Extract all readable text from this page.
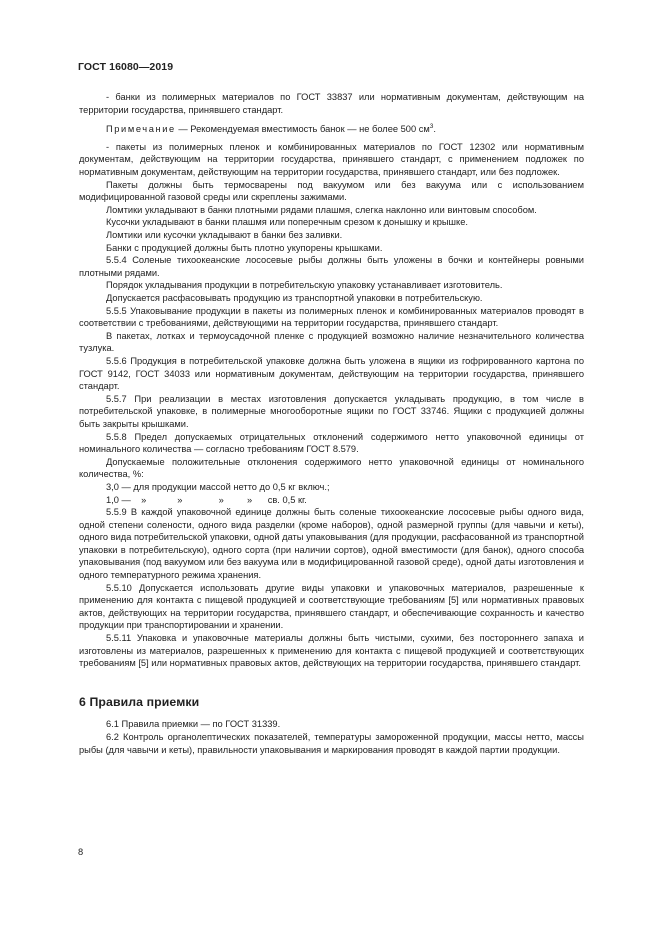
ГОСТ 16080—2019

- банки из полимерных материалов по ГОСТ 33837 или нормативным документам, действующим на территории государства, принявшего стандарт.

Примечание — Рекомендуемая вместимость банок — не более 500 $см^3$.

- пакеты из полимерных пленок и комбинированных материалов по ГОСТ 12302 или нормативным документам, действующим на территории государства, принявшего стандарт, с применением подложек по нормативным документам, действующим на территории государства, принявшего стандарт, или без подложек.

Пакеты должны быть термосварены под вакуумом или без вакуума или с использованием модифицированной газовой среды или скреплены зажимами.

Ломтики укладывают в банки плотными рядами плашмя, слегка наклонно или винтовым способом.

Кусочки укладывают в банки плашмя или поперечным срезом к донышку и крышке.

Ломтики или кусочки укладывают в банки без заливки.

Банки с продукцией должны быть плотно укупорены крышками.

5.5.4 Соленые тихоокеанские лососевые рыбы должны быть уложены в бочки и контейнеры ровными плотными рядами.

Порядок укладывания продукции в потребительскую упаковку устанавливает изготовитель.

Допускается расфасовывать продукцию из транспортной упаковки в потребительскую.

5.5.5 Упаковывание продукции в пакеты из полимерных пленок и комбинированных материалов проводят в соответствии с требованиями, действующими на территории государства, принявшего стандарт.

В пакетах, лотках и термоусадочной пленке с продукцией возможно наличие незначительного количества тузлука.

5.5.6 Продукция в потребительской упаковке должна быть уложена в ящики из гофрированного картона по ГОСТ 9142, ГОСТ 34033 или нормативным документам, действующим на территории государства, принявшего стандарт.

5.5.7 При реализации в местах изготовления допускается укладывать продукцию, в том числе в потребительской упаковке, в полимерные многооборотные ящики по ГОСТ 33746. Ящики с продукцией должны быть закрыты крышками.

5.5.8 Предел допускаемых отрицательных отклонений содержимого нетто упаковочной единицы от номинального количества — согласно требованиям ГОСТ 8.579.

Допускаемые положительные отклонения содержимого нетто упаковочной единицы от номинального количества, %:

3,0 — для продукции массой нетто до 0,5 кг включ.;

1,0 —    »            »              »         »      св. 0,5 кг.

5.5.9 В каждой упаковочной единице должны быть соленые тихоокеанские лососевые рыбы одного вида, одной степени солености, одного вида разделки (кроме наборов), одной размерной группы (для чавычи и кеты), одного вида потребительской упаковки, одной даты упаковывания (для продукции, расфасованной из транспортной упаковки в потребительскую), одного сорта (при наличии сортов), одной вместимости (для банок), одного способа упаковывания (под вакуумом или без вакуума или в модифицированной газовой среде), одной даты изготовления и одного температурного режима хранения.

5.5.10 Допускается использовать другие виды упаковки и упаковочных материалов, разрешенные к применению для контакта с пищевой продукцией и соответствующие требованиям [5] или нормативных правовых актов, действующих на территории государства, принявшего стандарт, и обеспечивающие сохранность и качество продукции при транспортировании и хранении.

5.5.11 Упаковка и упаковочные материалы должны быть чистыми, сухими, без постороннего запаха и изготовлены из материалов, разрешенных к применению для контакта с пищевой продукцией и соответствующих требованиям [5] или нормативных правовых актов, действующих на территории государства, принявшего стандарт.

6 Правила приемки

6.1 Правила приемки — по ГОСТ 31339.

6.2 Контроль органолептических показателей, температуры замороженной продукции, массы нетто, массы рыбы (для чавычи и кеты), правильности упаковывания и маркирования проводят в каждой партии продукции.

8
